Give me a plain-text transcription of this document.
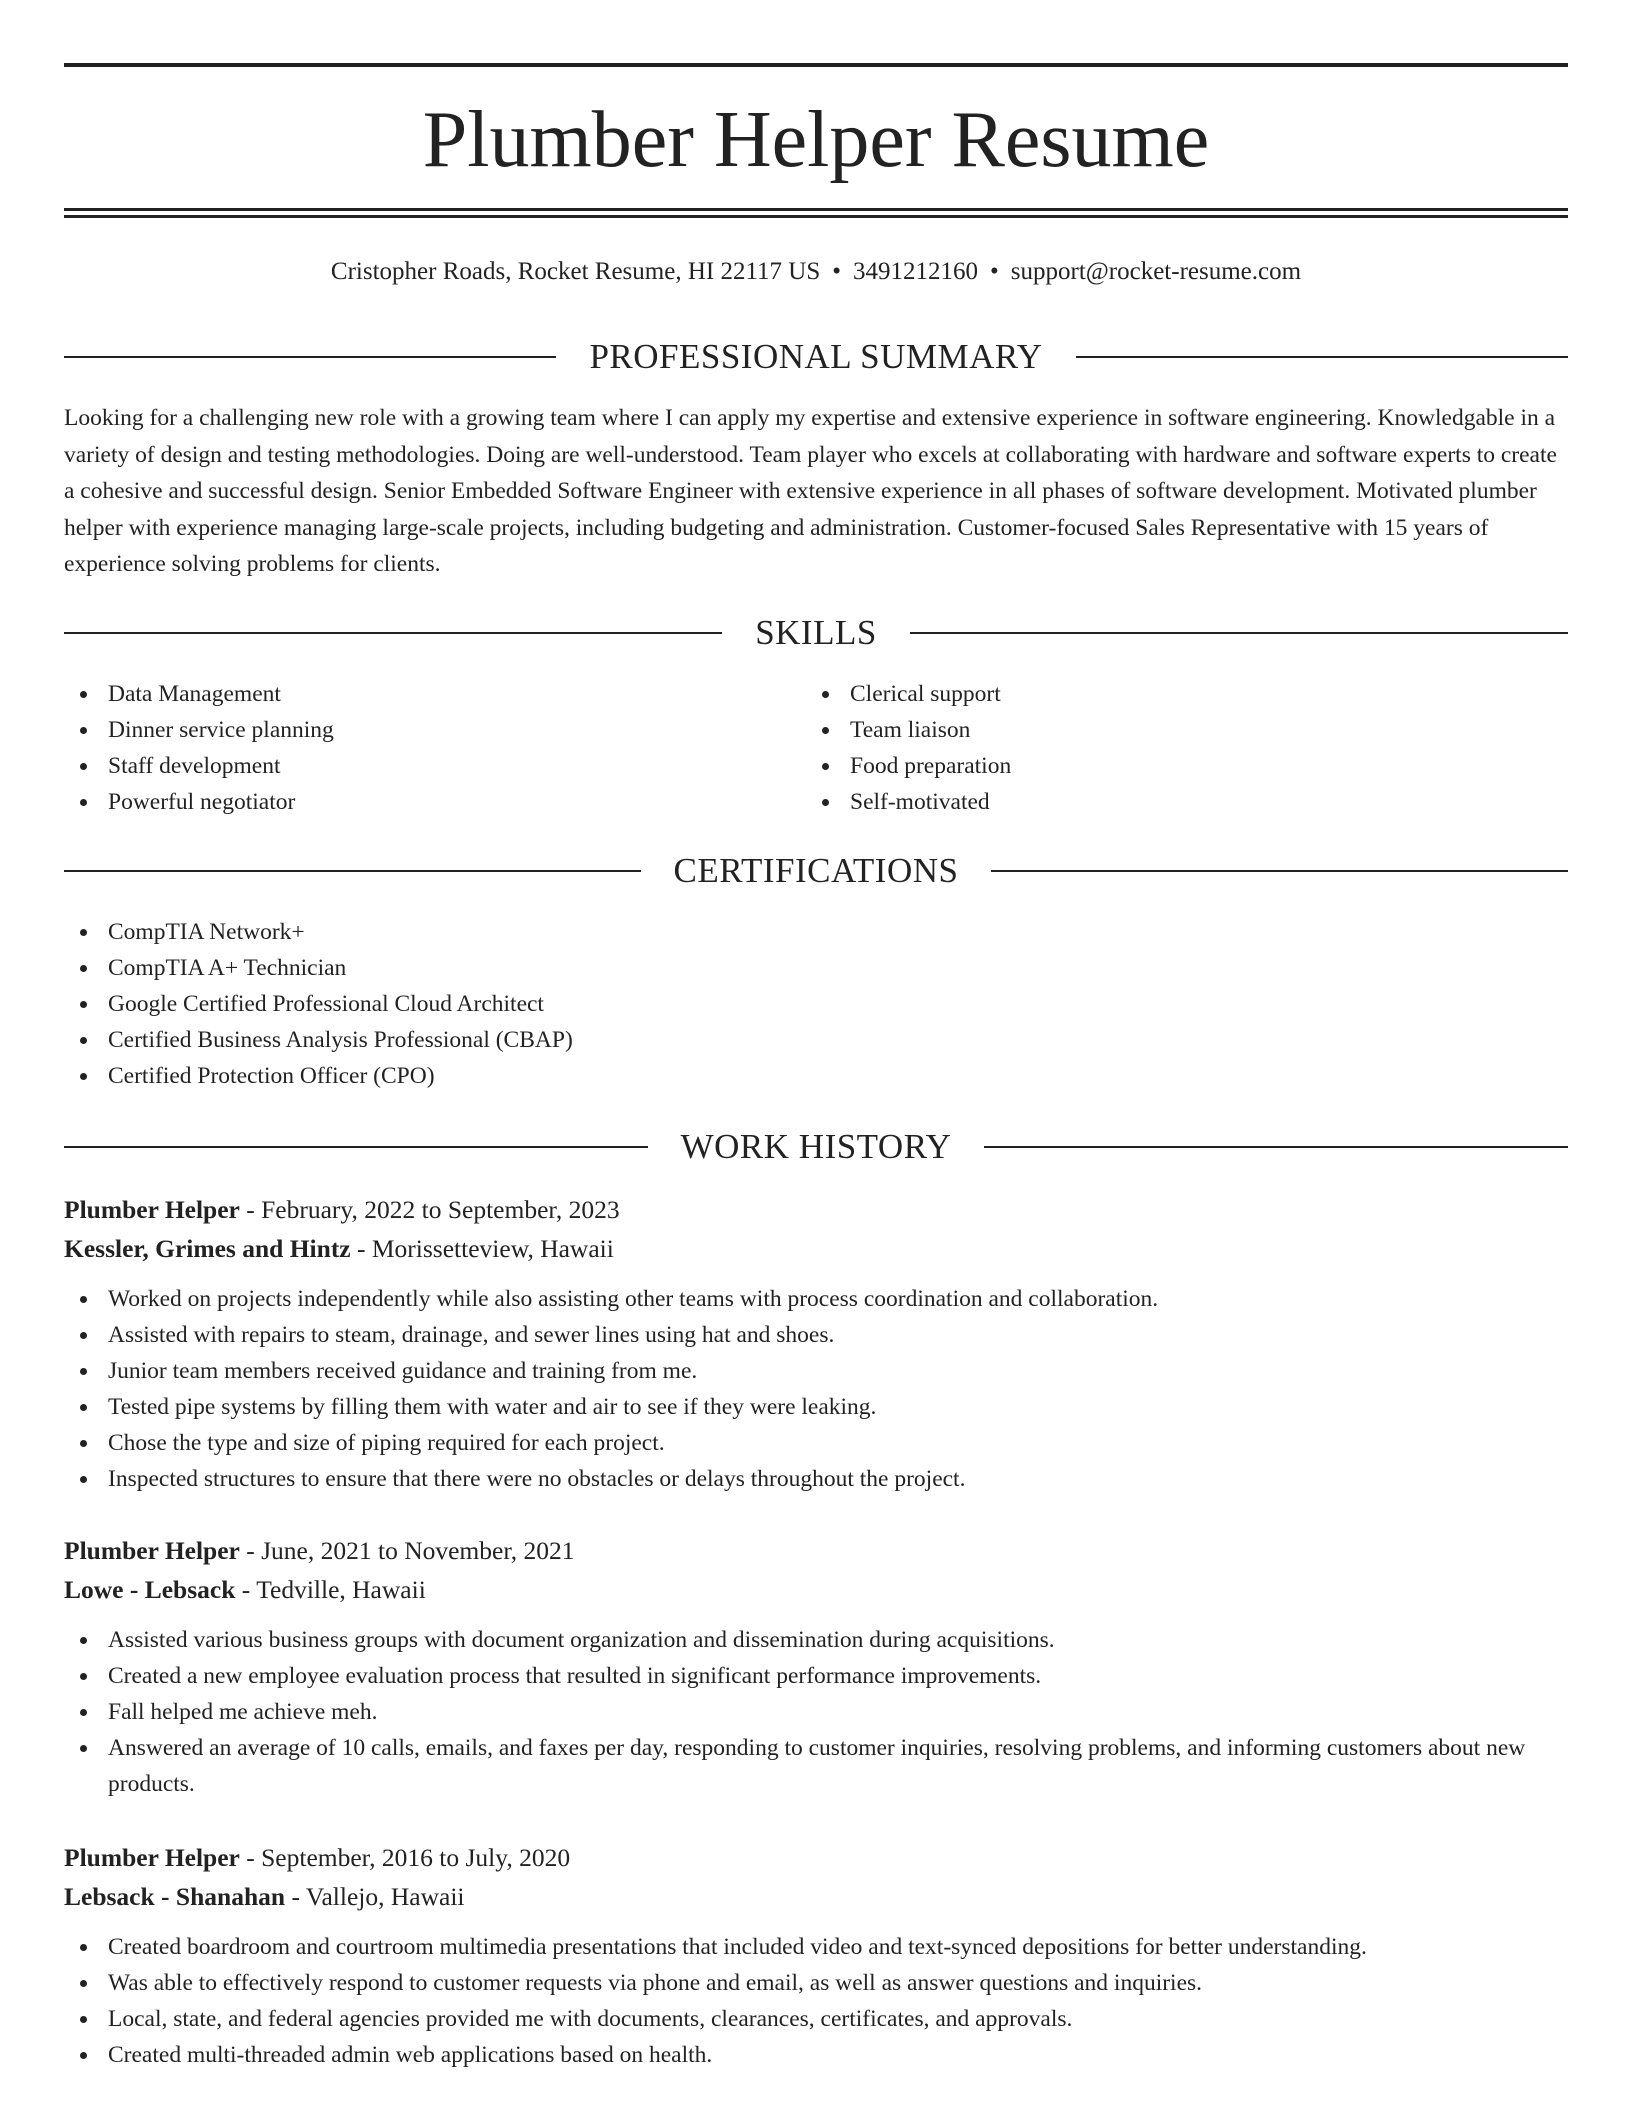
Plumber Helper Resume
Cristopher Roads, Rocket Resume, HI 22117 US • 3491212160 • support@rocket-resume.com
PROFESSIONAL SUMMARY
Looking for a challenging new role with a growing team where I can apply my expertise and extensive experience in software engineering. Knowledgable in a variety of design and testing methodologies. Doing are well-understood. Team player who excels at collaborating with hardware and software experts to create a cohesive and successful design. Senior Embedded Software Engineer with extensive experience in all phases of software development. Motivated plumber helper with experience managing large-scale projects, including budgeting and administration. Customer-focused Sales Representative with 15 years of experience solving problems for clients.
SKILLS
Data Management
Dinner service planning
Staff development
Powerful negotiator
Clerical support
Team liaison
Food preparation
Self-motivated
CERTIFICATIONS
CompTIA Network+
CompTIA A+ Technician
Google Certified Professional Cloud Architect
Certified Business Analysis Professional (CBAP)
Certified Protection Officer (CPO)
WORK HISTORY
Plumber Helper - February, 2022 to September, 2023
Kessler, Grimes and Hintz - Morissetteview, Hawaii
Worked on projects independently while also assisting other teams with process coordination and collaboration.
Assisted with repairs to steam, drainage, and sewer lines using hat and shoes.
Junior team members received guidance and training from me.
Tested pipe systems by filling them with water and air to see if they were leaking.
Chose the type and size of piping required for each project.
Inspected structures to ensure that there were no obstacles or delays throughout the project.
Plumber Helper - June, 2021 to November, 2021
Lowe - Lebsack - Tedville, Hawaii
Assisted various business groups with document organization and dissemination during acquisitions.
Created a new employee evaluation process that resulted in significant performance improvements.
Fall helped me achieve meh.
Answered an average of 10 calls, emails, and faxes per day, responding to customer inquiries, resolving problems, and informing customers about new products.
Plumber Helper - September, 2016 to July, 2020
Lebsack - Shanahan - Vallejo, Hawaii
Created boardroom and courtroom multimedia presentations that included video and text-synced depositions for better understanding.
Was able to effectively respond to customer requests via phone and email, as well as answer questions and inquiries.
Local, state, and federal agencies provided me with documents, clearances, certificates, and approvals.
Created multi-threaded admin web applications based on health.
